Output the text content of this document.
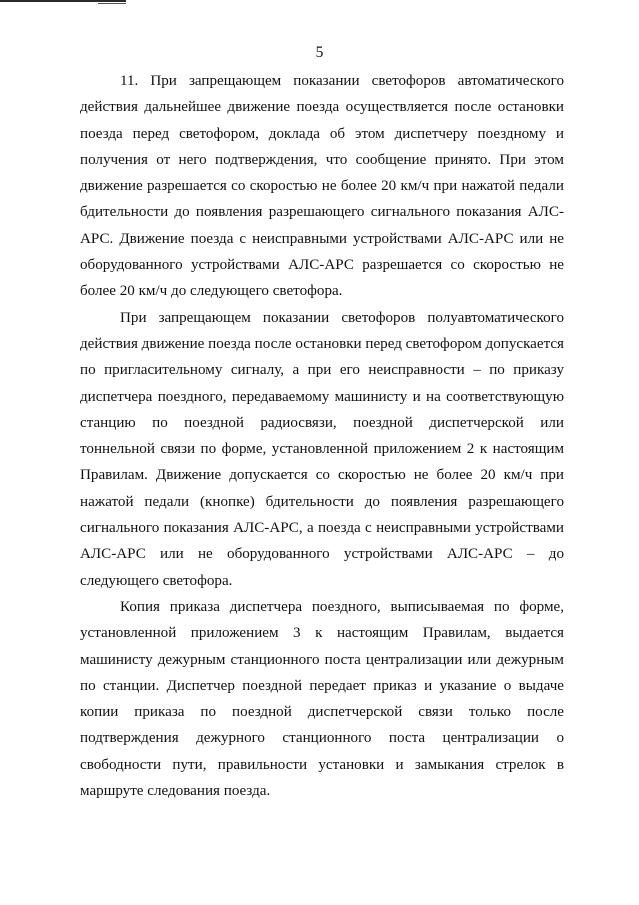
5

11. При запрещающем показании светофоров автоматического действия дальнейшее движение поезда осуществляется после остановки поезда перед светофором, доклада об этом диспетчеру поездному и получения от него подтверждения, что сообщение принято. При этом движение разрешается со скоростью не более 20 км/ч при нажатой педали бдительности до появления разрешающего сигнального показания АЛС-АРС. Движение поезда с неисправными устройствами АЛС-АРС или не оборудованного устройствами АЛС-АРС разрешается со скоростью не более 20 км/ч до следующего светофора.

При запрещающем показании светофоров полуавтоматического действия движение поезда после остановки перед светофором допускается по пригласительному сигналу, а при его неисправности – по приказу диспетчера поездного, передаваемому машинисту и на соответствующую станцию по поездной радиосвязи, поездной диспетчерской или тоннельной связи по форме, установленной приложением 2 к настоящим Правилам. Движение допускается со скоростью не более 20 км/ч при нажатой педали (кнопке) бдительности до появления разрешающего сигнального показания АЛС-АРС, а поезда с неисправными устройствами АЛС-АРС или не оборудованного устройствами АЛС-АРС – до следующего светофора.

Копия приказа диспетчера поездного, выписываемая по форме, установленной приложением 3 к настоящим Правилам, выдается машинисту дежурным станционного поста централизации или дежурным по станции. Диспетчер поездной передает приказ и указание о выдаче копии приказа по поездной диспетчерской связи только после подтверждения дежурного станционного поста централизации о свободности пути, правильности установки и замыкания стрелок в маршруте следования поезда.
